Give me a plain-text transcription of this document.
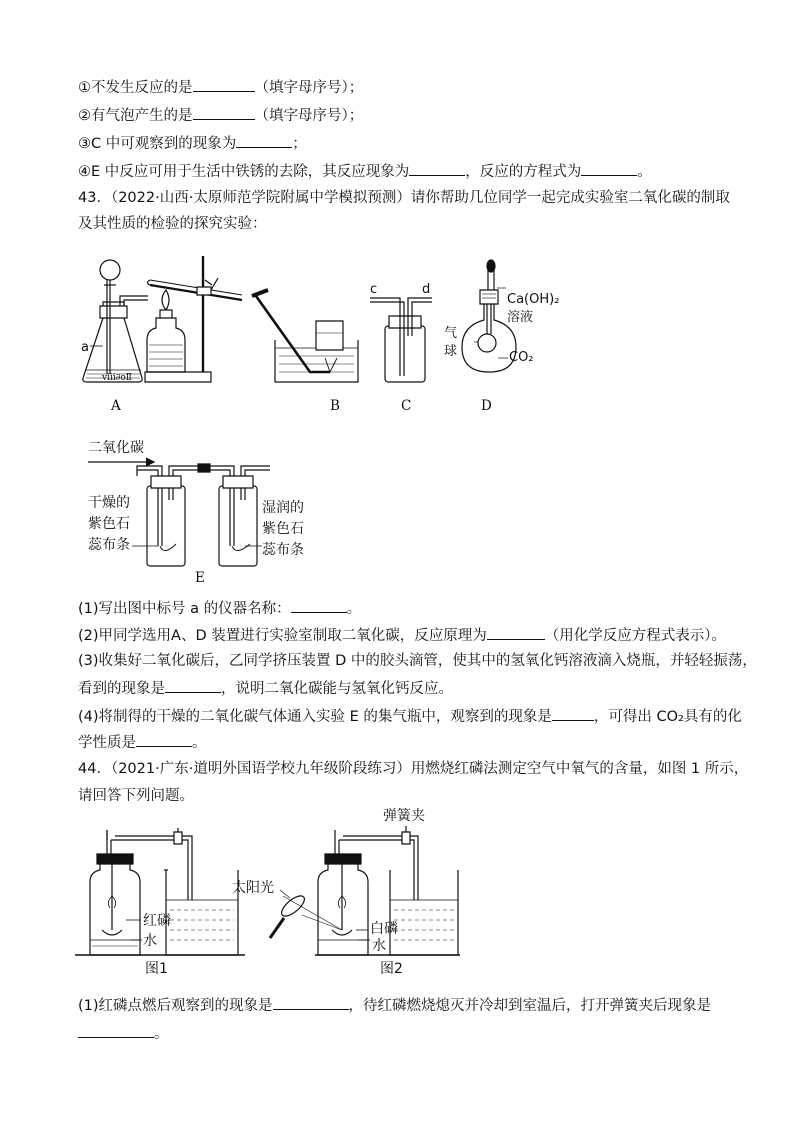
①不发生反应的是	（填字母序号）；
②有气泡产生的是	（填字母序号）；
③C 中可观察到的现象为	；
④E 中反应可用于生活中铁锈的去除，其反应现象为	，反应的方程式为	。
43．（2022·山西·太原师范学院附属中学模拟预测）请你帮助几位同学一起完成实验室二氧化碳的制取
及其性质的检验的探究实验：
ⅷ∂oⅡ
a
A	B	C	D
c	d
Ca(OH)₂
溶液
气
球	CO₂
二氧化碳
干燥的
紫色石
蕊布条
湿润的
紫色石
蕊布条
E
(1)写出图中标号 a 的仪器名称：	。
(2)甲同学选用A、D 装置进行实验室制取二氧化碳，反应原理为	（用化学反应方程式表示）。
(3)收集好二氧化碳后，乙同学挤压装置 D 中的胶头滴管，使其中的氢氧化钙溶液滴入烧瓶，并轻轻振荡，
看到的现象是	，说明二氧化碳能与氢氧化钙反应。
(4)将制得的干燥的二氧化碳气体通入实验 E 的集气瓶中，观察到的现象是	，可得出 CO₂具有的化
学性质是	。
44．（2021·广东·道明外国语学校九年级阶段练习）用燃烧红磷法测定空气中氧气的含量，如图 1 所示，
请回答下列问题。
红磷
水
图1
弹簧夹
太阳光
白磷
水
图2
(1)红磷点燃后观察到的现象是	，待红磷燃烧熄灭并冷却到室温后，打开弹簧夹后现象是
。
